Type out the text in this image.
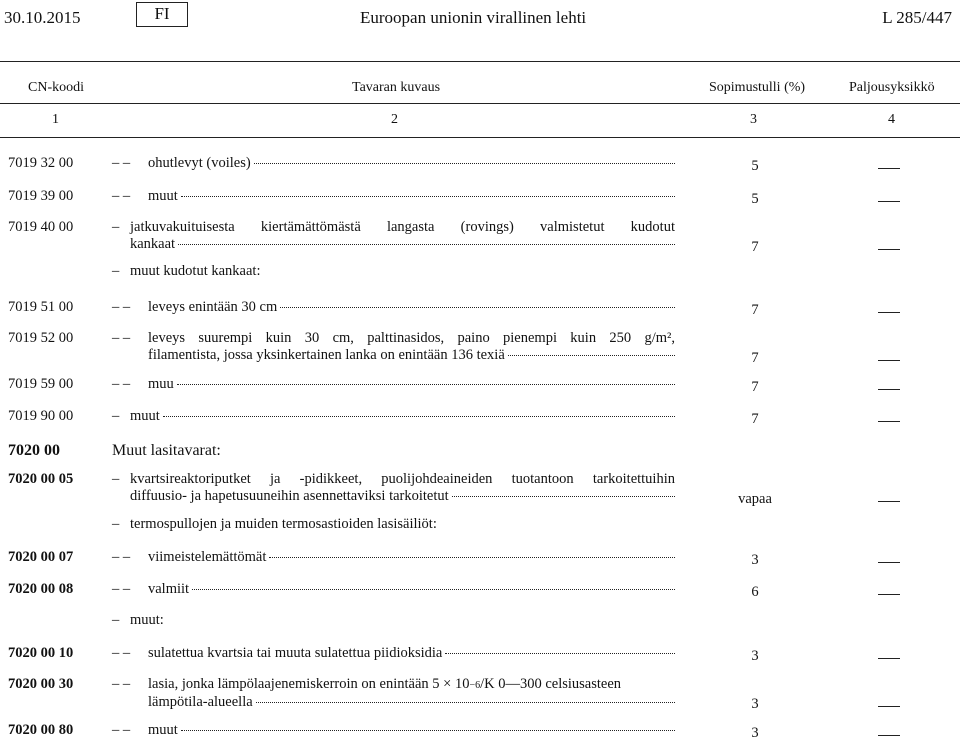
30.10.2015	FI	Euroopan unionin virallinen lehti	L 285/447
CN-koodi	Tavaran kuvaus	Sopimustulli (%)	Paljousyksikkö
1	2	3	4
7019 32 00	– – ohutlevyt (voiles)	5
7019 39 00	– – muut	5
7019 40 00	– jatkuvakuituisesta kiertämättömästä langasta (rovings) valmistetut kudotut
kankaat	7
– muut kudotut kankaat:
7019 51 00	– – leveys enintään 30 cm	7
7019 52 00	– – leveys suurempi kuin 30 cm, palttinasidos, paino pienempi kuin 250 g/m²,
filamentista, jossa yksinkertainen lanka on enintään 136 texiä	7
7019 59 00	– – muu	7
7019 90 00	– muut	7
7020 00	Muut lasitavarat:
7020 00 05	– kvartsireaktoriputket ja -pidikkeet, puolijohdeaineiden tuotantoon tarkoitettuihin
diffuusio- ja hapetusuuneihin asennettaviksi tarkoitetut	vapaa
– termospullojen ja muiden termosastioiden lasisäiliöt:
7020 00 07	– – viimeistelemättömät	3
7020 00 08	– – valmiit	6
– muut:
7020 00 10	– – sulatettua kvartsia tai muuta sulatettua piidioksidia	3
7020 00 30	– – lasia, jonka lämpölaajenemiskerroin on enintään 5 × 10 −6 /K 0—300 celsiusasteen
lämpötila-alueella	3
7020 00 80	– – muut	3
